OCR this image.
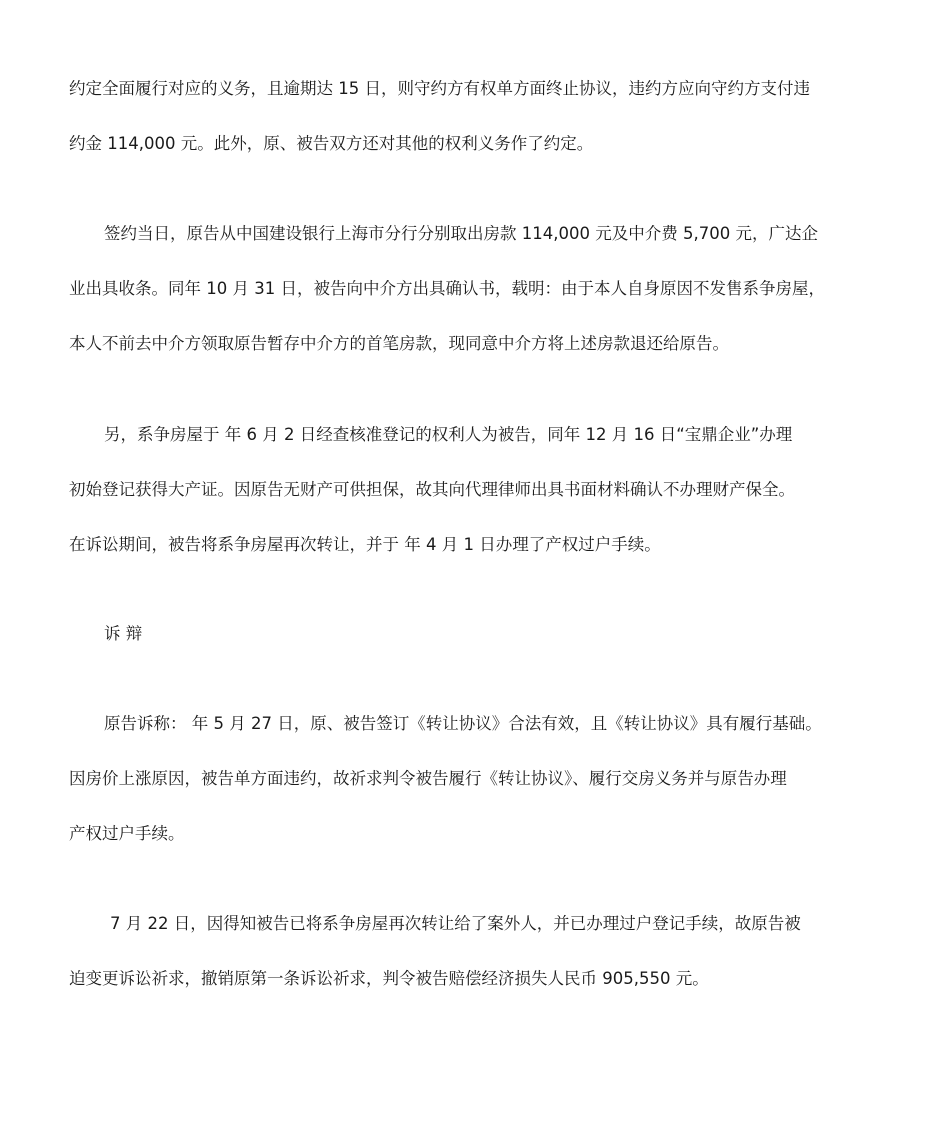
约定全面履行对应的义务，且逾期达 15 日，则守约方有权单方面终止协议，违约方应向守约方支付违
约金 114,000 元。此外，原、被告双方还对其他的权利义务作了约定。
签约当日，原告从中国建设银行上海市分行分别取出房款 114,000 元及中介费 5,700 元，广达企
业出具收条。同年 10 月 31 日，被告向中介方出具确认书，载明：由于本人自身原因不发售系争房屋，
本人不前去中介方领取原告暂存中介方的首笔房款，现同意中介方将上述房款退还给原告。
另，系争房屋于 年 6 月 2 日经查核准登记的权利人为被告，同年 12 月 16 日“宝鼎企业”办理
初始登记获得大产证。因原告无财产可供担保，故其向代理律师出具书面材料确认不办理财产保全。
在诉讼期间，被告将系争房屋再次转让，并于 年 4 月 1 日办理了产权过户手续。
诉 辩
原告诉称： 年 5 月 27 日，原、被告签订《转让协议》合法有效，且《转让协议》具有履行基础。
因房价上涨原因，被告单方面违约，故祈求判令被告履行《转让协议》、履行交房义务并与原告办理
产权过户手续。
7 月 22 日，因得知被告已将系争房屋再次转让给了案外人，并已办理过户登记手续，故原告被
迫变更诉讼祈求，撤销原第一条诉讼祈求，判令被告赔偿经济损失人民币 905,550 元。
